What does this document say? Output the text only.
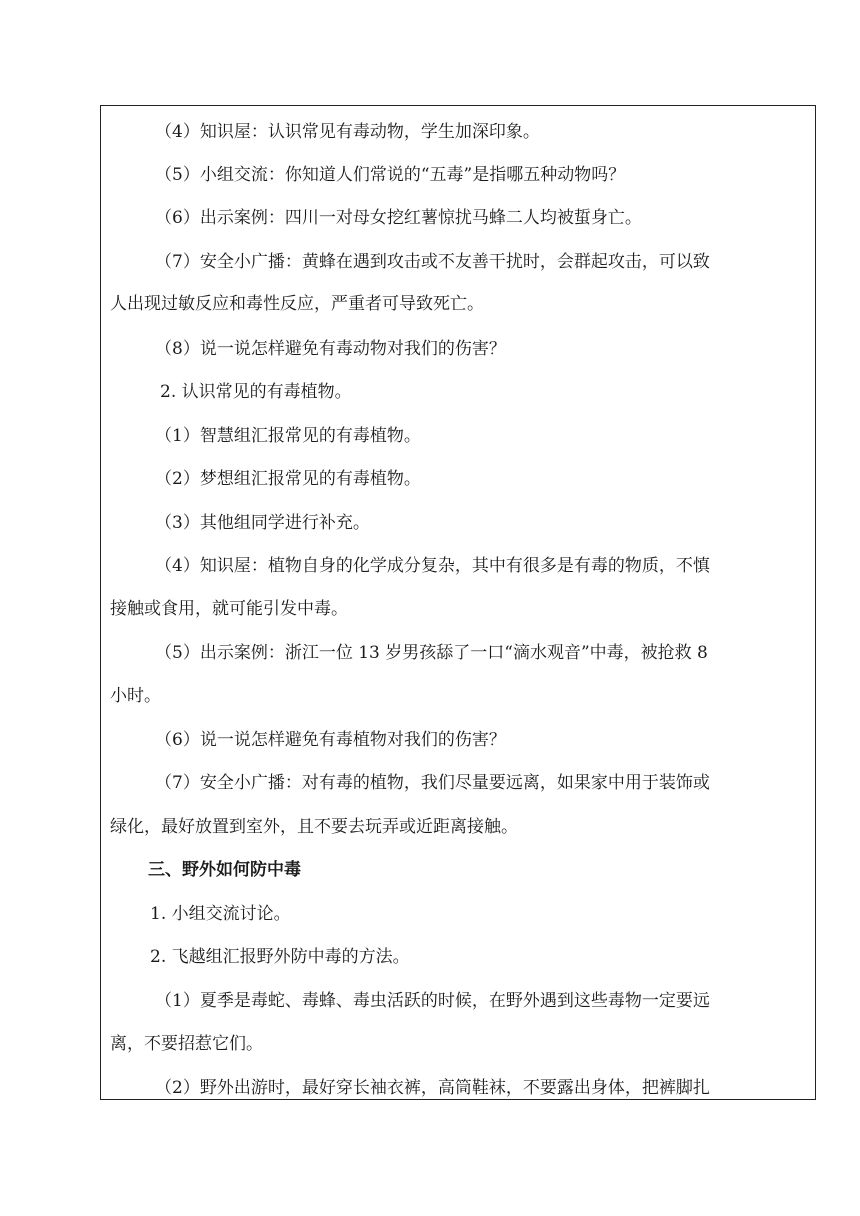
（4）知识屋：认识常见有毒动物，学生加深印象。
（5）小组交流：你知道人们常说的“五毒”是指哪五种动物吗？
（6）出示案例：四川一对母女挖红薯惊扰马蜂二人均被蜇身亡。
（7）安全小广播：黄蜂在遇到攻击或不友善干扰时，会群起攻击，可以致
人出现过敏反应和毒性反应，严重者可导致死亡。
（8）说一说怎样避免有毒动物对我们的伤害？
2. 认识常见的有毒植物。
（1）智慧组汇报常见的有毒植物。
（2）梦想组汇报常见的有毒植物。
（3）其他组同学进行补充。
（4）知识屋：植物自身的化学成分复杂，其中有很多是有毒的物质，不慎
接触或食用，就可能引发中毒。
（5）出示案例：浙江一位 13 岁男孩舔了一口“滴水观音”中毒，被抢救 8
小时。
（6）说一说怎样避免有毒植物对我们的伤害？
（7）安全小广播：对有毒的植物，我们尽量要远离，如果家中用于装饰或
绿化，最好放置到室外，且不要去玩弄或近距离接触。
三、野外如何防中毒
1. 小组交流讨论。
2. 飞越组汇报野外防中毒的方法。
（1）夏季是毒蛇、毒蜂、毒虫活跃的时候，在野外遇到这些毒物一定要远
离，不要招惹它们。
（2）野外出游时，最好穿长袖衣裤，高筒鞋袜，不要露出身体，把裤脚扎
